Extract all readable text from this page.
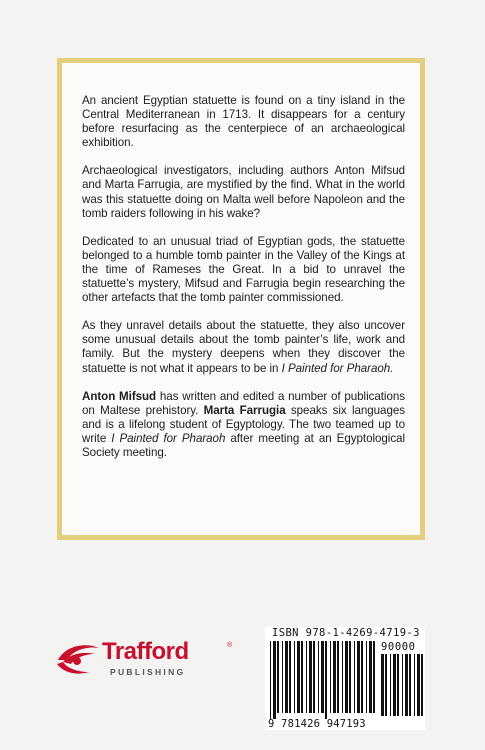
An ancient Egyptian statuette is found on a tiny island in the Central Mediterranean in 1713. It disappears for a century before resurfacing as the centerpiece of an archaeological exhibition.

Archaeological investigators, including authors Anton Mifsud and Marta Farrugia, are mystified by the find. What in the world was this statuette doing on Malta well before Napoleon and the tomb raiders following in his wake?

Dedicated to an unusual triad of Egyptian gods, the statuette belonged to a humble tomb painter in the Valley of the Kings at the time of Rameses the Great. In a bid to unravel the statuette’s mystery, Mifsud and Farrugia begin researching the other artefacts that the tomb painter commissioned.

As they unravel details about the statuette, they also uncover some unusual details about the tomb painter’s life, work and family. But the mystery deepens when they discover the statuette is not what it appears to be in I Painted for Pharaoh.

Anton Mifsud has written and edited a number of publications on Maltese prehistory. Marta Farrugia speaks six languages and is a lifelong student of Egyptology. The two teamed up to write I Painted for Pharaoh after meeting at an Egyptological Society meeting.

Trafford	®
PUBLISHING
ISBN 978-1-4269-4719-3
90000
9 781426 947193
